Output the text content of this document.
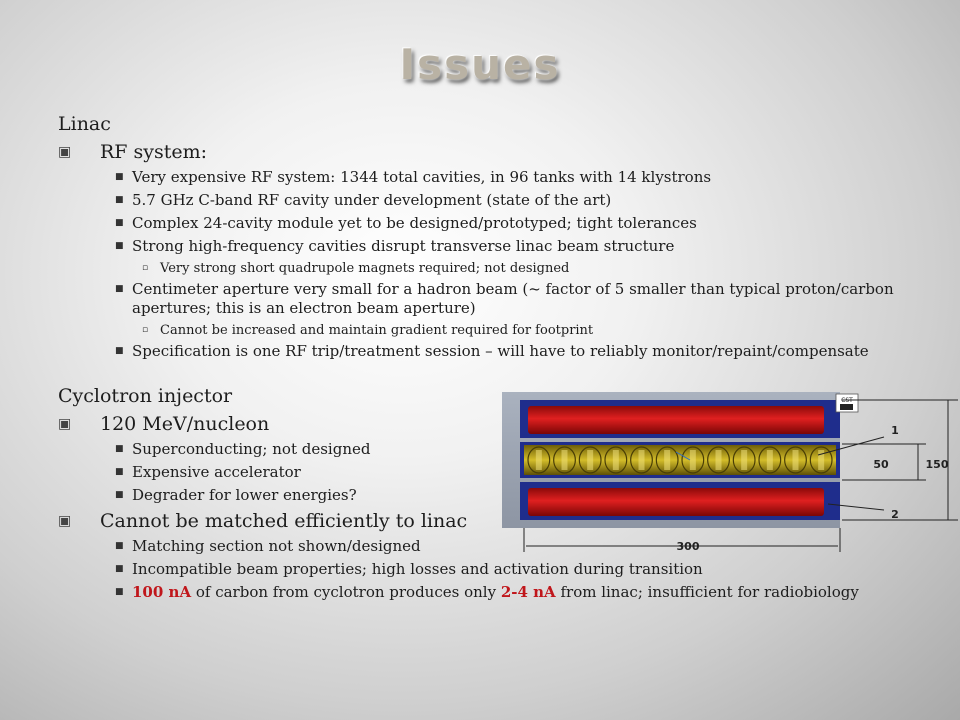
Issues
Linac
▣ RF system:
■ Very expensive RF system: 1344 total cavities, in 96 tanks with 14 klystrons
■ 5.7 GHz C-band RF cavity under development (state of the art)
■ Complex 24-cavity module yet to be designed/prototyped; tight tolerances
■ Strong high-frequency cavities disrupt transverse linac beam structure
▫ Very strong short quadrupole magnets required; not designed
■ Centimeter aperture very small for a hadron beam (~ factor of 5 smaller than typical proton/carbon apertures; this is an electron beam aperture)
▫ Cannot be increased and maintain gradient required for footprint
■ Specification is one RF trip/treatment session – will have to reliably monitor/repaint/compensate
Cyclotron injector
▣ 120 MeV/nucleon
■ Superconducting; not designed
■ Expensive accelerator
■ Degrader for lower energies?
▣ Cannot be matched efficiently to linac
■ Matching section not shown/designed
■ Incompatible beam properties; high losses and activation during transition
■ 100 nA of carbon from cyclotron produces only 2-4 nA from linac; insufficient for radiobiology
CST
1
2
50	150
300
